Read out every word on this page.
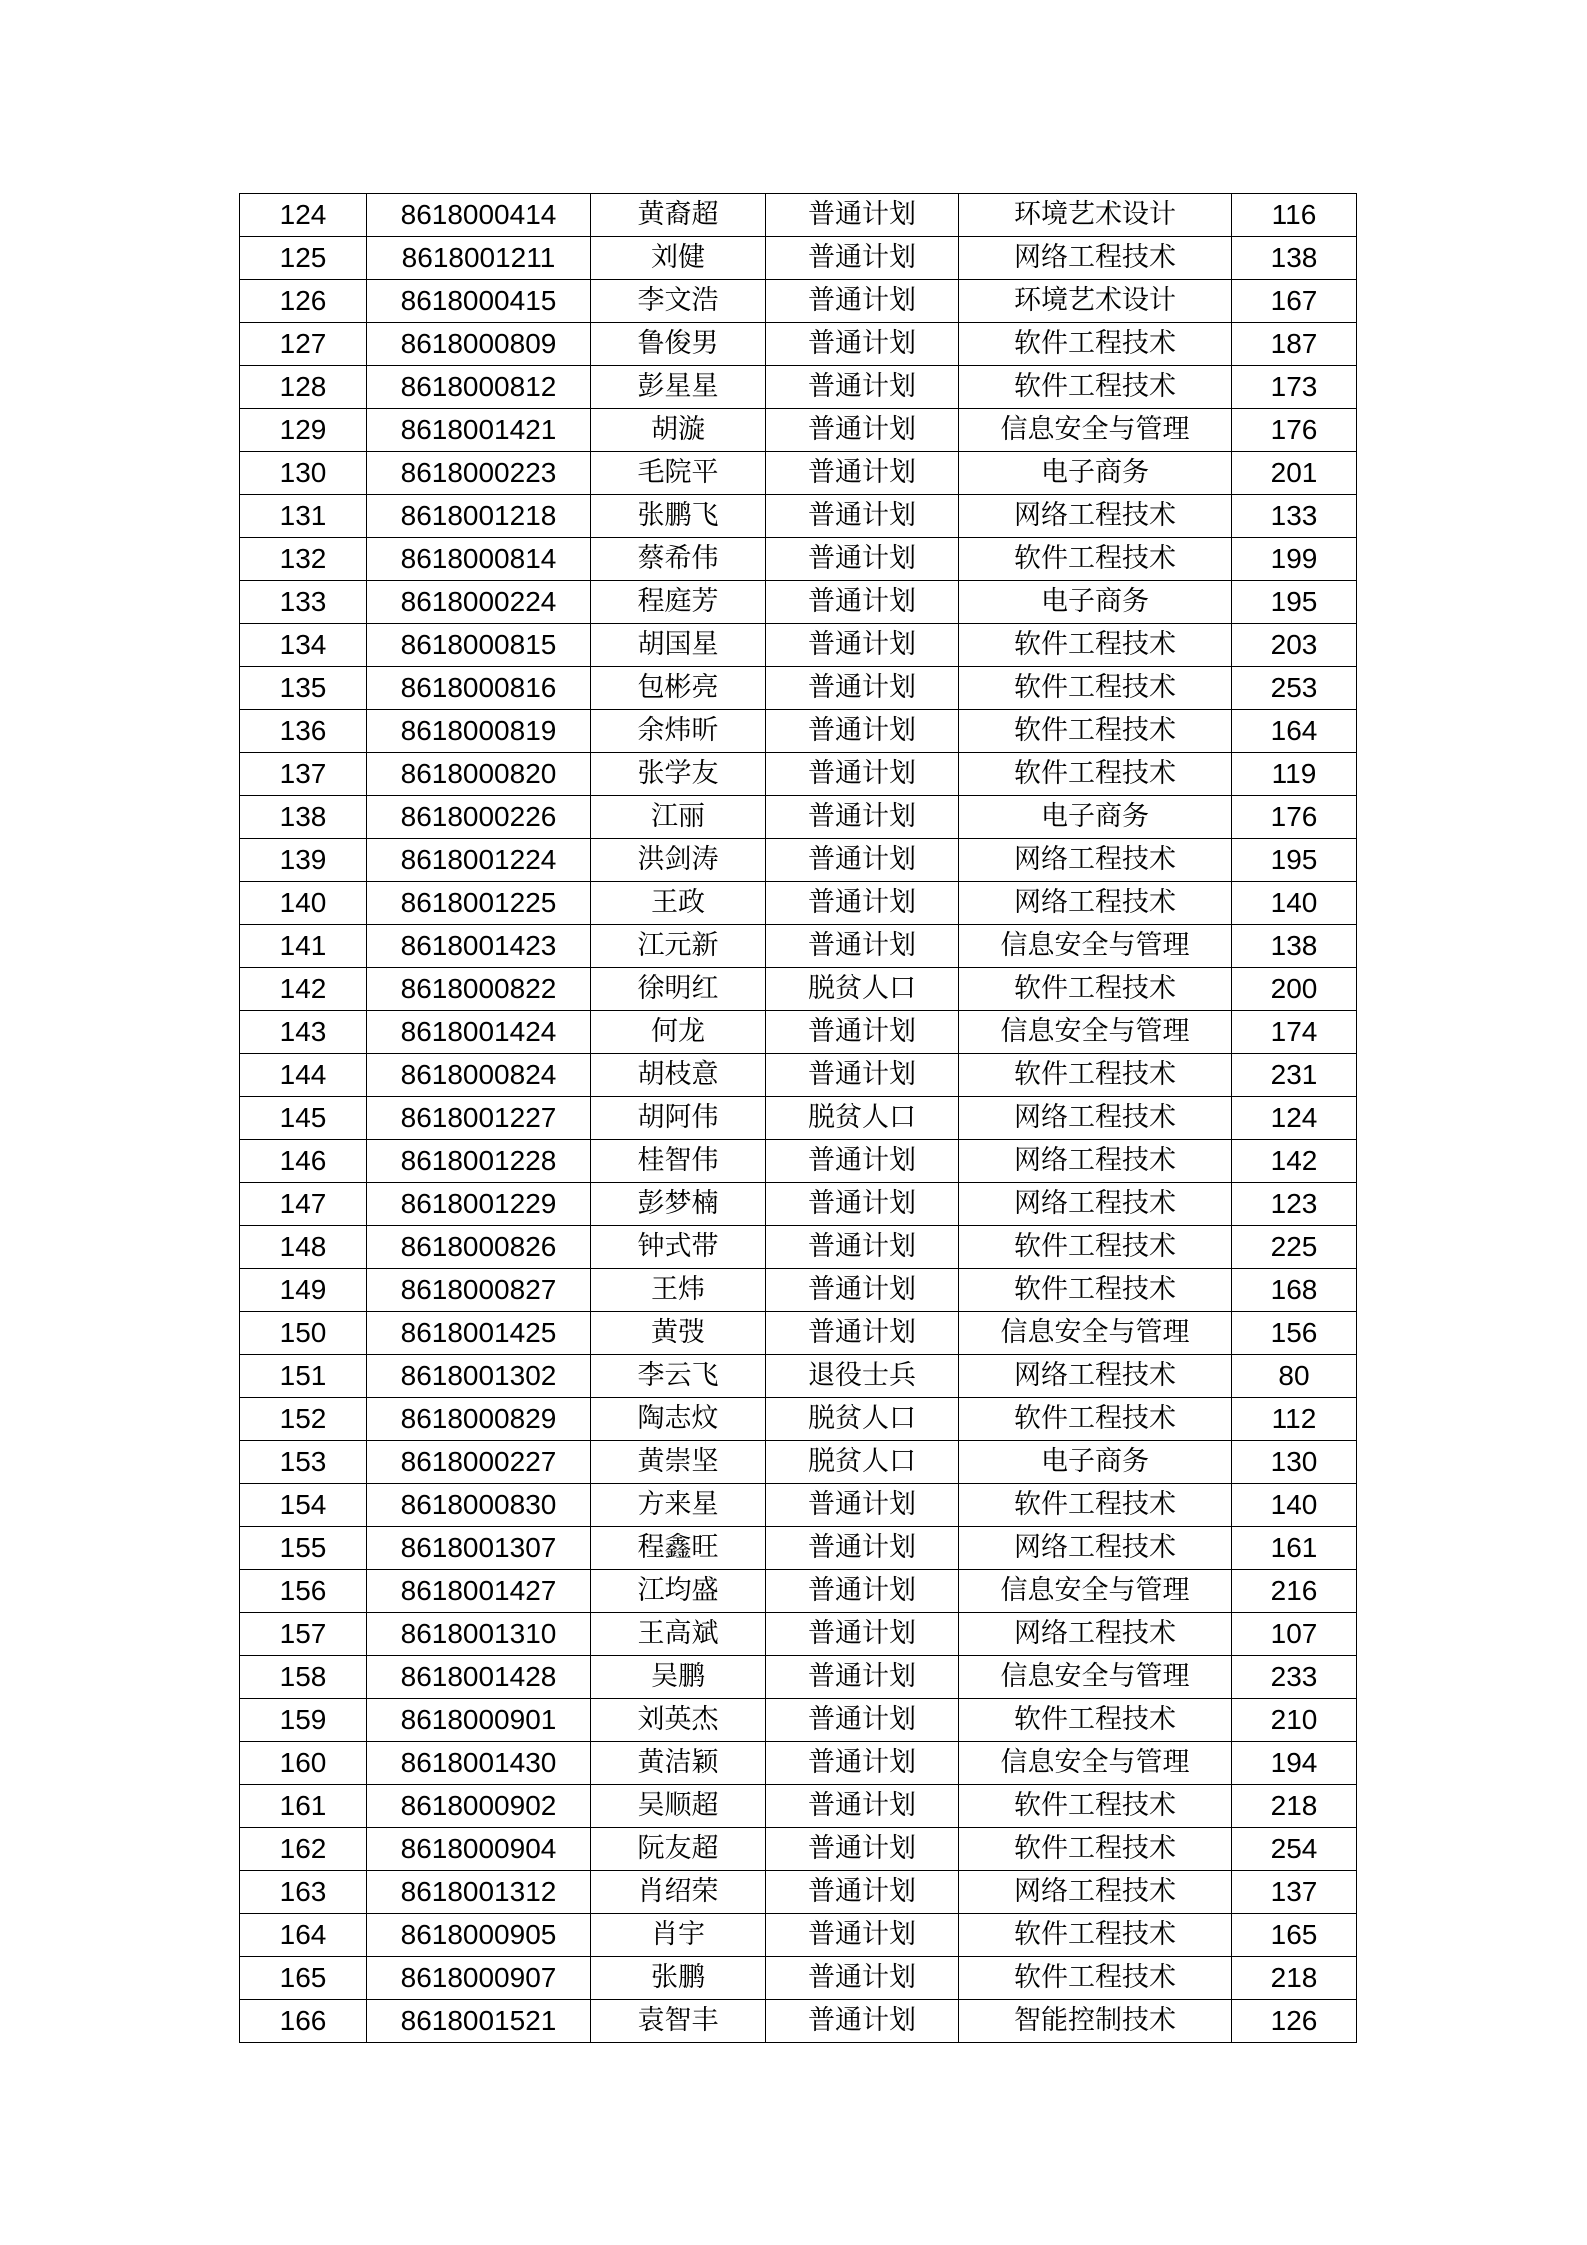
124	8618000414	黄裔超	普通计划	环境艺术设计	116
125	8618001211	刘健	普通计划	网络工程技术	138
126	8618000415	李文浩	普通计划	环境艺术设计	167
127	8618000809	鲁俊男	普通计划	软件工程技术	187
128	8618000812	彭星星	普通计划	软件工程技术	173
129	8618001421	胡漩	普通计划	信息安全与管理	176
130	8618000223	毛院平	普通计划	电子商务	201
131	8618001218	张鹏飞	普通计划	网络工程技术	133
132	8618000814	蔡希伟	普通计划	软件工程技术	199
133	8618000224	程庭芳	普通计划	电子商务	195
134	8618000815	胡国星	普通计划	软件工程技术	203
135	8618000816	包彬亮	普通计划	软件工程技术	253
136	8618000819	余炜昕	普通计划	软件工程技术	164
137	8618000820	张学友	普通计划	软件工程技术	119
138	8618000226	江丽	普通计划	电子商务	176
139	8618001224	洪剑涛	普通计划	网络工程技术	195
140	8618001225	王政	普通计划	网络工程技术	140
141	8618001423	江元新	普通计划	信息安全与管理	138
142	8618000822	徐明红	脱贫人口	软件工程技术	200
143	8618001424	何龙	普通计划	信息安全与管理	174
144	8618000824	胡枝意	普通计划	软件工程技术	231
145	8618001227	胡阿伟	脱贫人口	网络工程技术	124
146	8618001228	桂智伟	普通计划	网络工程技术	142
147	8618001229	彭梦楠	普通计划	网络工程技术	123
148	8618000826	钟式带	普通计划	软件工程技术	225
149	8618000827	王炜	普通计划	软件工程技术	168
150	8618001425	黄弢	普通计划	信息安全与管理	156
151	8618001302	李云飞	退役士兵	网络工程技术	80
152	8618000829	陶志炆	脱贫人口	软件工程技术	112
153	8618000227	黄崇坚	脱贫人口	电子商务	130
154	8618000830	方来星	普通计划	软件工程技术	140
155	8618001307	程鑫旺	普通计划	网络工程技术	161
156	8618001427	江均盛	普通计划	信息安全与管理	216
157	8618001310	王高斌	普通计划	网络工程技术	107
158	8618001428	吴鹏	普通计划	信息安全与管理	233
159	8618000901	刘英杰	普通计划	软件工程技术	210
160	8618001430	黄洁颖	普通计划	信息安全与管理	194
161	8618000902	吴顺超	普通计划	软件工程技术	218
162	8618000904	阮友超	普通计划	软件工程技术	254
163	8618001312	肖绍荣	普通计划	网络工程技术	137
164	8618000905	肖宇	普通计划	软件工程技术	165
165	8618000907	张鹏	普通计划	软件工程技术	218
166	8618001521	袁智丰	普通计划	智能控制技术	126
